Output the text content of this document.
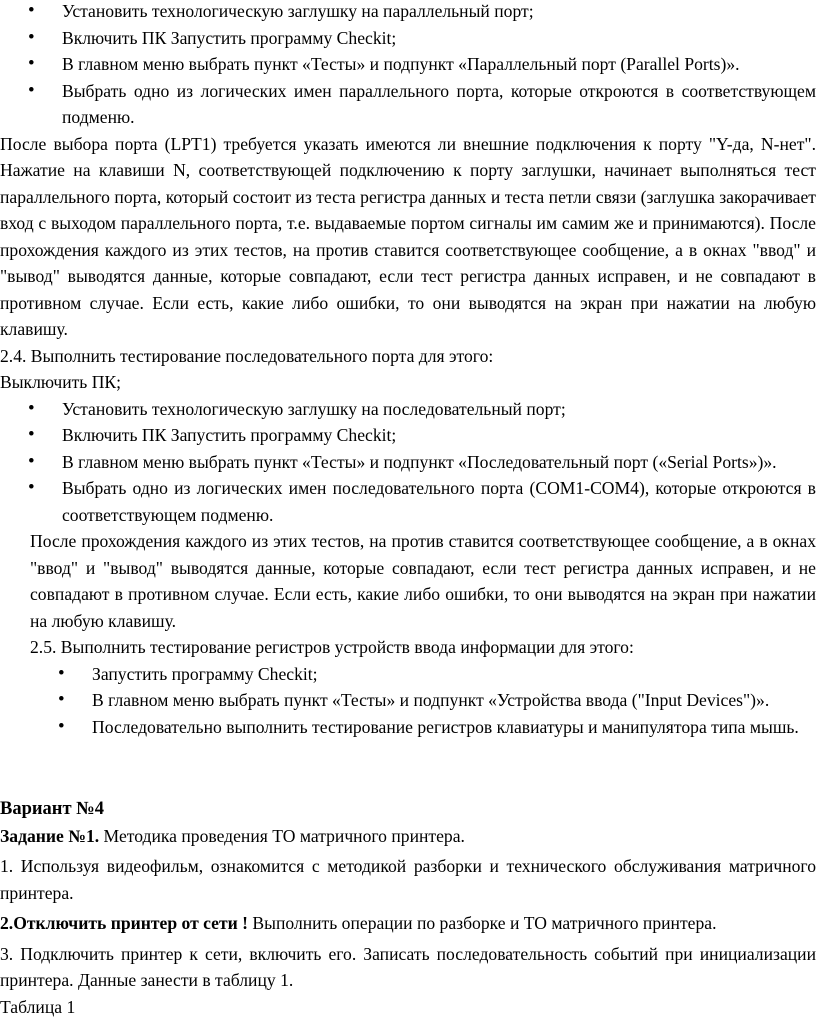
• Установить технологическую заглушку на параллельный порт;
• Включить ПК Запустить программу Checkit;
• В главном меню выбрать пункт «Тесты» и подпункт «Параллельный порт (Parallel Ports)».
• Выбрать одно из логических имен параллельного порта, которые откроются в соответствующем подменю.

После выбора порта (LPT1) требуется указать имеются ли внешние подключения к порту "Y-да, N-нет". Нажатие на клавиши N, соответствующей подключению к порту заглушки, начинает выполняться тест параллельного порта, который состоит из теста регистра данных и теста петли связи (заглушка закорачивает вход с выходом параллельного порта, т.е. выдаваемые портом сигналы им самим же и принимаются). После прохождения каждого из этих тестов, на против ставится соответствующее сообщение, а в окнах "ввод" и "вывод" выводятся данные, которые совпадают, если тест регистра данных исправен, и не совпадают в противном случае. Если есть, какие либо ошибки, то они выводятся на экран при нажатии на любую клавишу.

2.4. Выполнить тестирование последовательного порта для этого:

Выключить ПК;

• Установить технологическую заглушку на последовательный порт;
• Включить ПК Запустить программу Checkit;
• В главном меню выбрать пункт «Тесты» и подпункт «Последовательный порт («Serial Ports»)».
• Выбрать одно из логических имен последовательного порта (COM1-COM4), которые откроются в соответствующем подменю.

После прохождения каждого из этих тестов, на против ставится соответствующее сообщение, а в окнах "ввод" и "вывод" выводятся данные, которые совпадают, если тест регистра данных исправен, и не совпадают в противном случае. Если есть, какие либо ошибки, то они выводятся на экран при нажатии на любую клавишу.

2.5. Выполнить тестирование регистров устройств ввода информации для этого:

• Запустить программу Checkit;
• В главном меню выбрать пункт «Тесты» и подпункт «Устройства ввода ("Input Devices")».
• Последовательно выполнить тестирование регистров клавиатуры и манипулятора типа мышь.

Вариант №4

Задание №1. Методика проведения ТО матричного принтера.

1. Используя видеофильм, ознакомится с методикой разборки и технического обслуживания матричного принтера.

2.Отключить принтер от сети ! Выполнить операции по разборке и ТО матричного принтера.

3. Подключить принтер к сети, включить его. Записать последовательность событий при инициализации принтера. Данные занести в таблицу 1.

Таблица 1
